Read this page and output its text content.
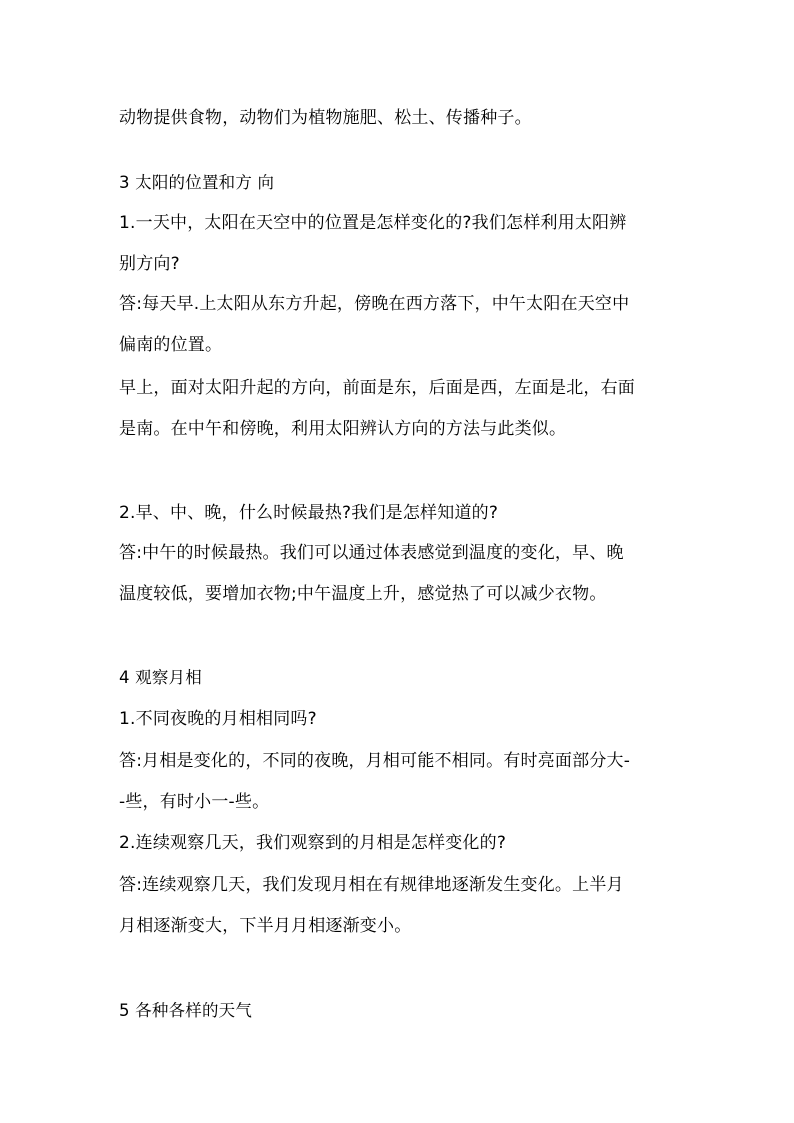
动物提供食物，动物们为植物施肥、松土、传播种子。
3 太阳的位置和方 向
1.一天中，太阳在天空中的位置是怎样变化的?我们怎样利用太阳辨
别方向?
答:每天早.上太阳从东方升起，傍晚在西方落下，中午太阳在天空中
偏南的位置。
早上，面对太阳升起的方向，前面是东，后面是西，左面是北，右面
是南。在中午和傍晚，利用太阳辨认方向的方法与此类似。
2.早、中、晚，什么时候最热?我们是怎样知道的?
答:中午的时候最热。我们可以通过体表感觉到温度的变化，早、晚
温度较低，要增加衣物;中午温度上升，感觉热了可以减少衣物。
4 观察月相
1.不同夜晚的月相相同吗?
答:月相是变化的，不同的夜晚，月相可能不相同。有时亮面部分大-
-些，有时小一-些。
2.连续观察几天，我们观察到的月相是怎样变化的?
答:连续观察几天，我们发现月相在有规律地逐渐发生变化。上半月
月相逐渐变大，下半月月相逐渐变小。
5 各种各样的天气
